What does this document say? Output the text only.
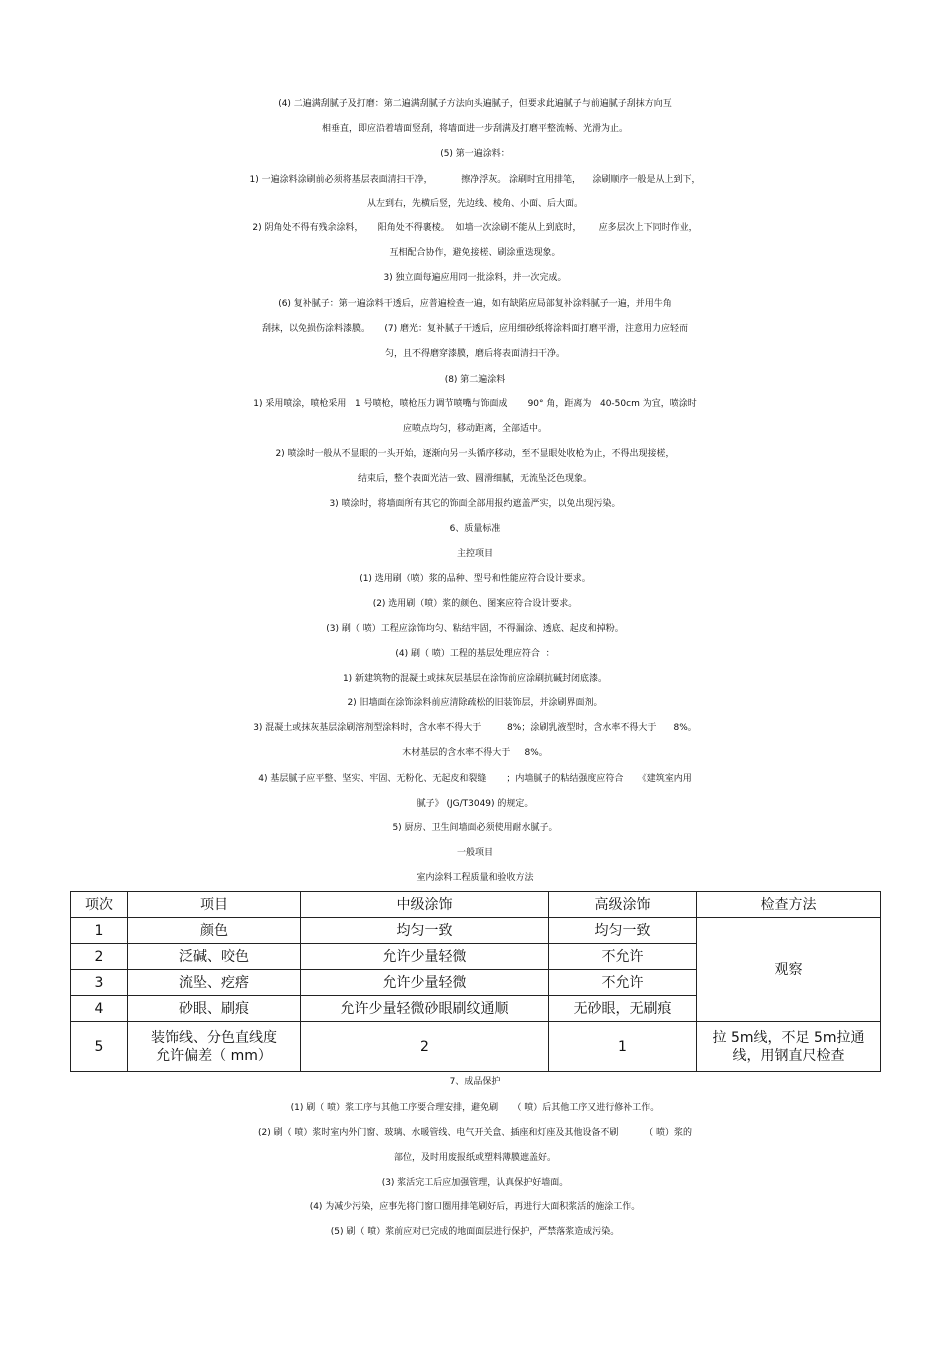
(4) 二遍满刮腻子及打磨：第二遍满刮腻子方法向头遍腻子，但要求此遍腻子与前遍腻子刮抹方向互
相垂直，即应沿着墙面竖刮，将墙面进一步刮满及打磨平整流畅、光滑为止。
(5) 第一遍涂料：
1) 一遍涂料涂刷前必须将基层表面清扫干净，          擦净浮灰。 涂刷时宜用排笔，    涂刷顺序一般是从上到下，
从左到右，先横后竖，先边线、棱角、小面、后大面。
2) 阴角处不得有残余涂料，     阳角处不得裹棱。  如墙一次涂刷不能从上到底时，      应多层次上下同时作业，
互相配合协作，避免接槎、刷涂重迭现象。
3) 独立面每遍应用同一批涂料，并一次完成。
(6) 复补腻子：第一遍涂料干透后，应普遍检查一遍，如有缺陷应局部复补涂料腻子一遍，并用牛角
刮抹，以免损伤涂料漆膜。     (7) 磨光：复补腻子干透后，应用细砂纸将涂料面打磨平滑，注意用力应轻而
匀，且不得磨穿漆膜，磨后将表面清扫干净。
(8) 第二遍涂料
1) 采用喷涂，喷枪采用   1 号喷枪，喷枪压力调节喷嘴与饰面成       90° 角，距离为   40-50cm 为宜，喷涂时
应喷点均匀，移动距离，全部适中。
2) 喷涂时一般从不显眼的一头开始，逐渐向另一头循序移动，至不显眼处收枪为止，不得出现接槎，
结束后，整个表面光洁一致、圆滑细腻，无流坠泛色现象。
3) 喷涂时，将墙面所有其它的饰面全部用报约遮盖严实，以免出现污染。
6、质量标准
主控项目
(1) 选用刷（喷）浆的品种、型号和性能应符合设计要求。
(2) 选用刷（喷）浆的颜色、图案应符合设计要求。
(3) 刷（ 喷）工程应涂饰均匀、粘结牢固，不得漏涂、透底、起皮和掉粉。
(4) 刷（ 喷）工程的基层处理应符合  ：
1) 新建筑物的混凝土或抹灰层基层在涂饰前应涂刷抗碱封闭底漆。
2) 旧墙面在涂饰涂料前应清除疏松的旧装饰层，并涂刷界面剂。
3) 混凝土或抹灰基层涂刷溶剂型涂料时，含水率不得大于         8%；涂刷乳液型时，含水率不得大于      8%。
木材基层的含水率不得大于     8%。
4) 基层腻子应平整、坚实、牢固、无粉化、无起皮和裂缝       ；内墙腻子的粘结强度应符合     《建筑室内用
腻子》 (JG/T3049) 的规定。
5) 厨房、卫生间墙面必须使用耐水腻子。
一般项目
室内涂料工程质量和验收方法
项次	项目	中级涂饰	高级涂饰	检查方法
1	颜色	均匀一致	均匀一致	观察
2	泛碱、咬色	允许少量轻微	不允许	
3	流坠、疙瘩	允许少量轻微	不允许	
4	砂眼、刷痕	允许少量轻微砂眼刷纹通顺	无砂眼，无刷痕	
5	装饰线、分色直线度
允许偏差（ mm）	2	1	拉 5m线，不足 5m拉通
线，用钢直尺检查
7、成品保护
(1) 刷（ 喷）浆工序与其他工序要合理安排，避免刷     （ 喷）后其他工序又进行修补工作。
(2) 刷（ 喷）浆时室内外门窗、玻璃、水暖管线、电气开关盒、插座和灯座及其他设备不刷         （ 喷）浆的
部位，及时用废报纸或塑料薄膜遮盖好。
(3) 浆活完工后应加强管理，认真保护好墙面。
(4) 为减少污染，应事先将门窗口圈用排笔刷好后，再进行大面积浆活的施涂工作。
(5) 刷（ 喷）浆前应对已完成的地面面层进行保护，严禁落浆造成污染。
